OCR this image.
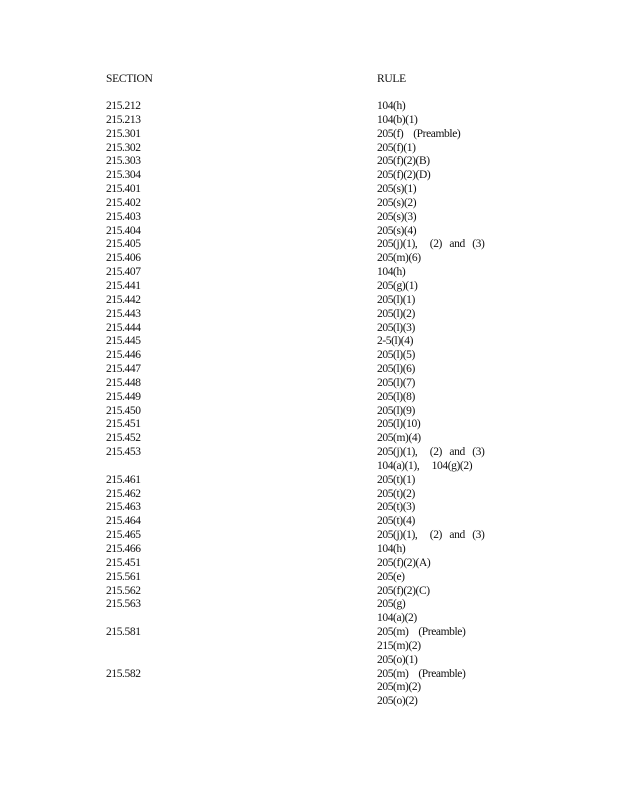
SECTION	RULE
215.212	104(h)
215.213	104(b)(1)
215.301	205(f)    (Preamble)
215.302	205(f)(1)
215.303	205(f)(2)(B)
215.304	205(f)(2)(D)
215.401	205(s)(1)
215.402	205(s)(2)
215.403	205(s)(3)
215.404	205(s)(4)
215.405	205(j)(1),     (2)   and   (3)
215.406	205(m)(6)
215.407	104(h)
215.441	205(g)(1)
215.442	205(l)(1)
215.443	205(l)(2)
215.444	205(l)(3)
215.445	2-5(l)(4)
215.446	205(l)(5)
215.447	205(l)(6)
215.448	205(l)(7)
215.449	205(l)(8)
215.450	205(l)(9)
215.451	205(l)(10)
215.452	205(m)(4)
215.453	205(j)(1),     (2)   and   (3)
104(a)(1),     104(g)(2)
215.461	205(t)(1)
215.462	205(t)(2)
215.463	205(t)(3)
215.464	205(t)(4)
215.465	205(j)(1),     (2)   and   (3)
215.466	104(h)
215.451	205(f)(2)(A)
215.561	205(e)
215.562	205(f)(2)(C)
215.563	205(g)
104(a)(2)
215.581	205(m)    (Preamble)
215(m)(2)
205(o)(1)
215.582	205(m)    (Preamble)
205(m)(2)
205(o)(2)
